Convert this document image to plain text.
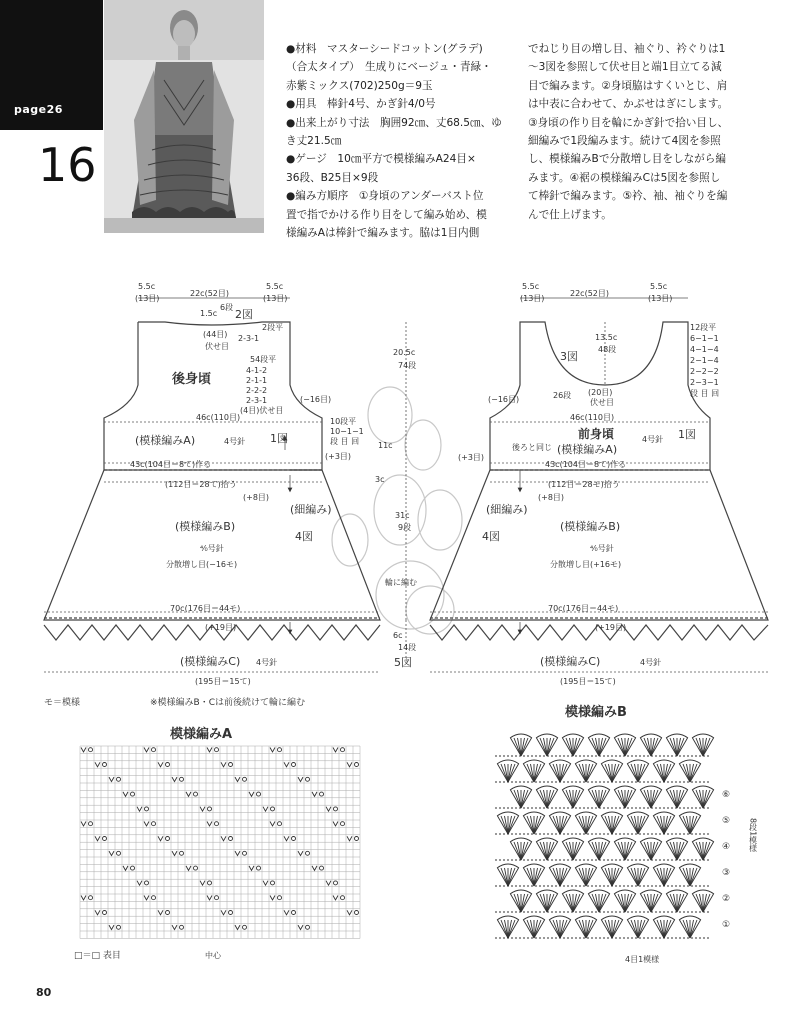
page26
16
●材料　マスターシードコットン(グラデ)
（合太タイプ）　生成りにベージュ・青緑・
赤紫ミックス(702)250g＝9玉
●用具　棒針4号、かぎ針4/0号
●出来上がり寸法　胸囲92㎝、丈68.5㎝、ゆ
き丈21.5㎝
●ゲージ　10㎝平方で模様編みA24目×
36段、B25目×9段
●編み方順序　①身頃のアンダーバスト位
置で指でかける作り目をして編み始め、模
様編みAは棒針で編みます。脇は1目内側
でねじり目の増し目、袖ぐり、衿ぐりは1
～3図を参照して伏せ目と端1目立てる減
目で編みます。②身頃脇はすくいとじ、肩
は中表に合わせて、かぶせはぎにします。
③身頃の作り目を輪にかぎ針で拾い目し、
細編みで1段編みます。続けて4図を参照
し、模様編みBで分散増し目をしながら編
みます。④裾の模様編みCは5図を参照し
て棒針で編みます。⑤衿、袖、袖ぐりを編
んで仕上げます。
5.5c
(13目)
22c(52目)
5.5c
(13目)
1.5c
6段
2図
2段平
2-3-1
(44目)
伏せ目
54段平
4-1-2
2-1-1
2-2-2
2-3-1
(4目)伏せ目
後身頃
(−16目)
46c(110目)
(模様編みA)	4号針 1図
43c(104目＝8て)作る
(112目＝28て)拾う
(+3目)
(+8目)
(細編み)
(模様編みB)
4図
⁴⁄₀号針
分散増し目(−16モ)
70c(176目＝44モ)
(+19目)
(模様編みC) 4号針
(195目＝15て)
10段平
10−1−1
段 目 回
20.5c
74段
11c
3c
31c
9段
輪に編む
6c
14段
5図
5.5c
(13目)
22c(52目)
5.5c
(13目)
13.5c
48段
3図
26段 (20目)
伏せ目
12段平
6−1−1
4−1−4
2−1−4
2−2−2
2−3−1
段 目 回
(−16目)
46c(110目)
前身頃
(模様編みA)
4号針 1図
後ろと同じ
(+3目)
43c(104目＝8て)作る
(112目＝28モ)拾う
(+8目)
(細編み)
(模様編みB)
4図
⁴⁄₀号針
分散増し目(+16モ)
70c(176目＝44モ)
(+19目)
(模様編みC)	4号針
(195目＝15て)
モ＝模様	※模様編みB・Cは前後続けて輪に編む
模様編みA
□＝□ 表目	中心
模様編みB
⑥
⑤
④
③
②
①
8段1模様
4目1模様
80
